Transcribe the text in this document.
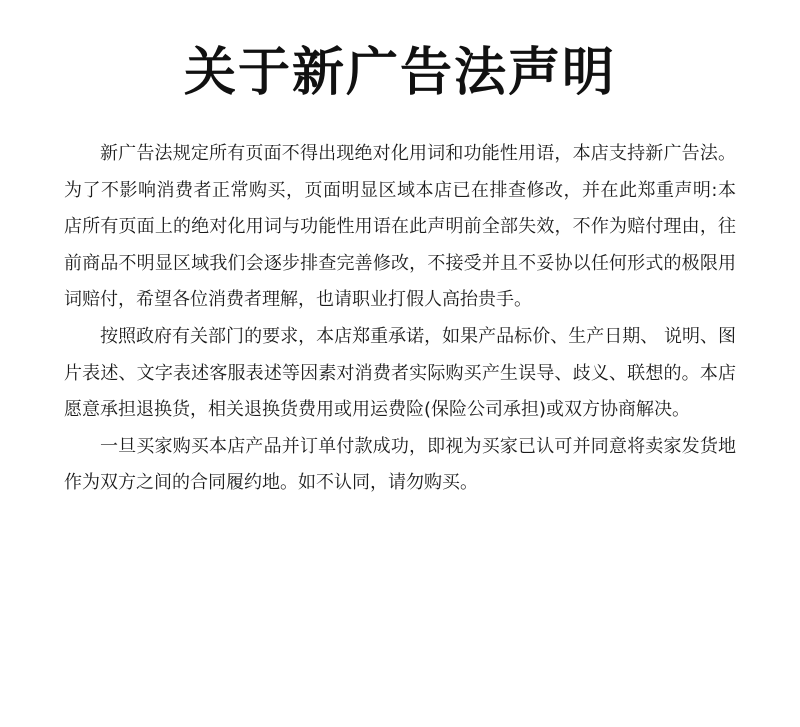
关于新广告法声明

新广告法规定所有页面不得出现绝对化用词和功能性用语，本店支持新广告法。为了不影响消费者正常购买，页面明显区域本店已在排查修改，并在此郑重声明:本店所有页面上的绝对化用词与功能性用语在此声明前全部失效，不作为赔付理由，往前商品不明显区域我们会逐步排查完善修改，不接受并且不妥协以任何形式的极限用词赔付，希望各位消费者理解，也请职业打假人高抬贵手。

按照政府有关部门的要求，本店郑重承诺，如果产品标价、生产日期、 说明、图片表述、文字表述客服表述等因素对消费者实际购买产生误导、歧义、联想的。本店愿意承担退换货，相关退换货费用或用运费险(保险公司承担)或双方协商解决。

一旦买家购买本店产品并订单付款成功，即视为买家已认可并同意将卖家发货地作为双方之间的合同履约地。如不认同，请勿购买。
